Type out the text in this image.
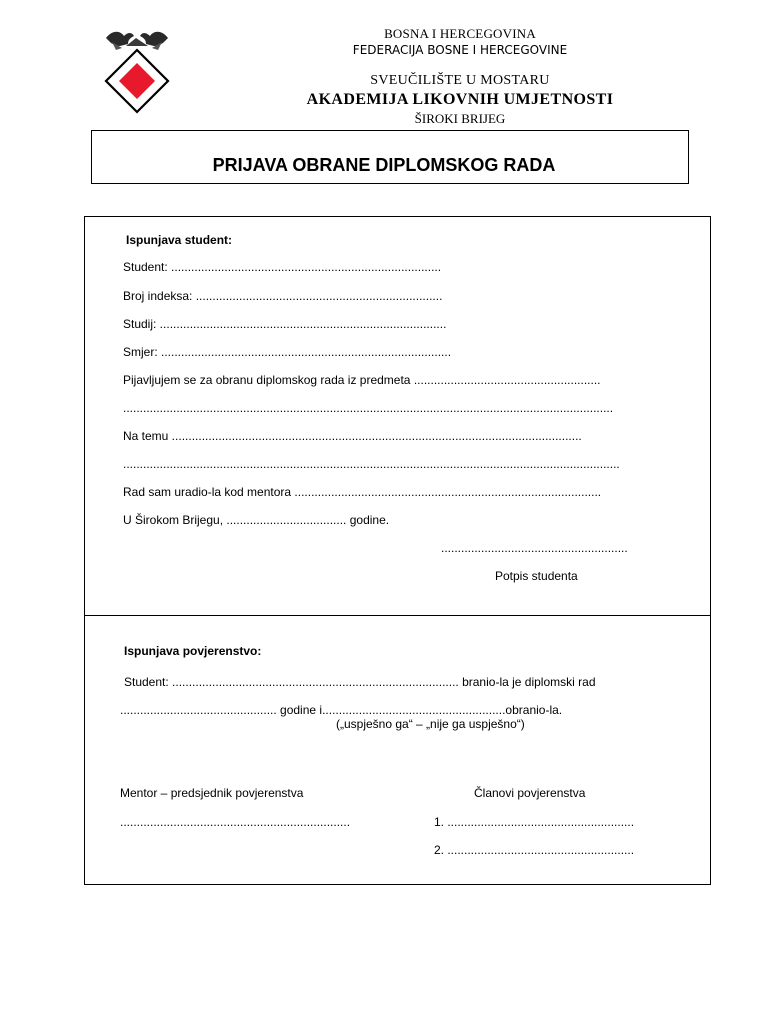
BOSNA I HERCEGOVINA
FEDERACIJA BOSNE I HERCEGOVINE
SVEUČILIŠTE U MOSTARU
AKADEMIJA LIKOVNIH UMJETNOSTI
ŠIROKI BRIJEG
PRIJAVA OBRANE DIPLOMSKOG RADA
Ispunjava student:
Student: .................................................................................
Broj indeksa: ..........................................................................
Studij: ......................................................................................
Smjer: .......................................................................................
Pijavljujem se za obranu diplomskog rada iz predmeta ........................................................
...................................................................................................................................................
Na temu ...........................................................................................................................
.....................................................................................................................................................
Rad sam uradio-la kod mentora ............................................................................................
U Širokom Brijegu, .................................... godine.
........................................................
Potpis studenta
Ispunjava povjerenstvo:
Student: ...................................................................................... branio-la je diplomski rad
............................................... godine i.......................................................obranio-la.
(„uspješno ga“ – „nije ga uspješno“)
Mentor – predsjednik povjerenstva	Članovi povjerenstva
.....................................................................	1. ........................................................
2. ........................................................
